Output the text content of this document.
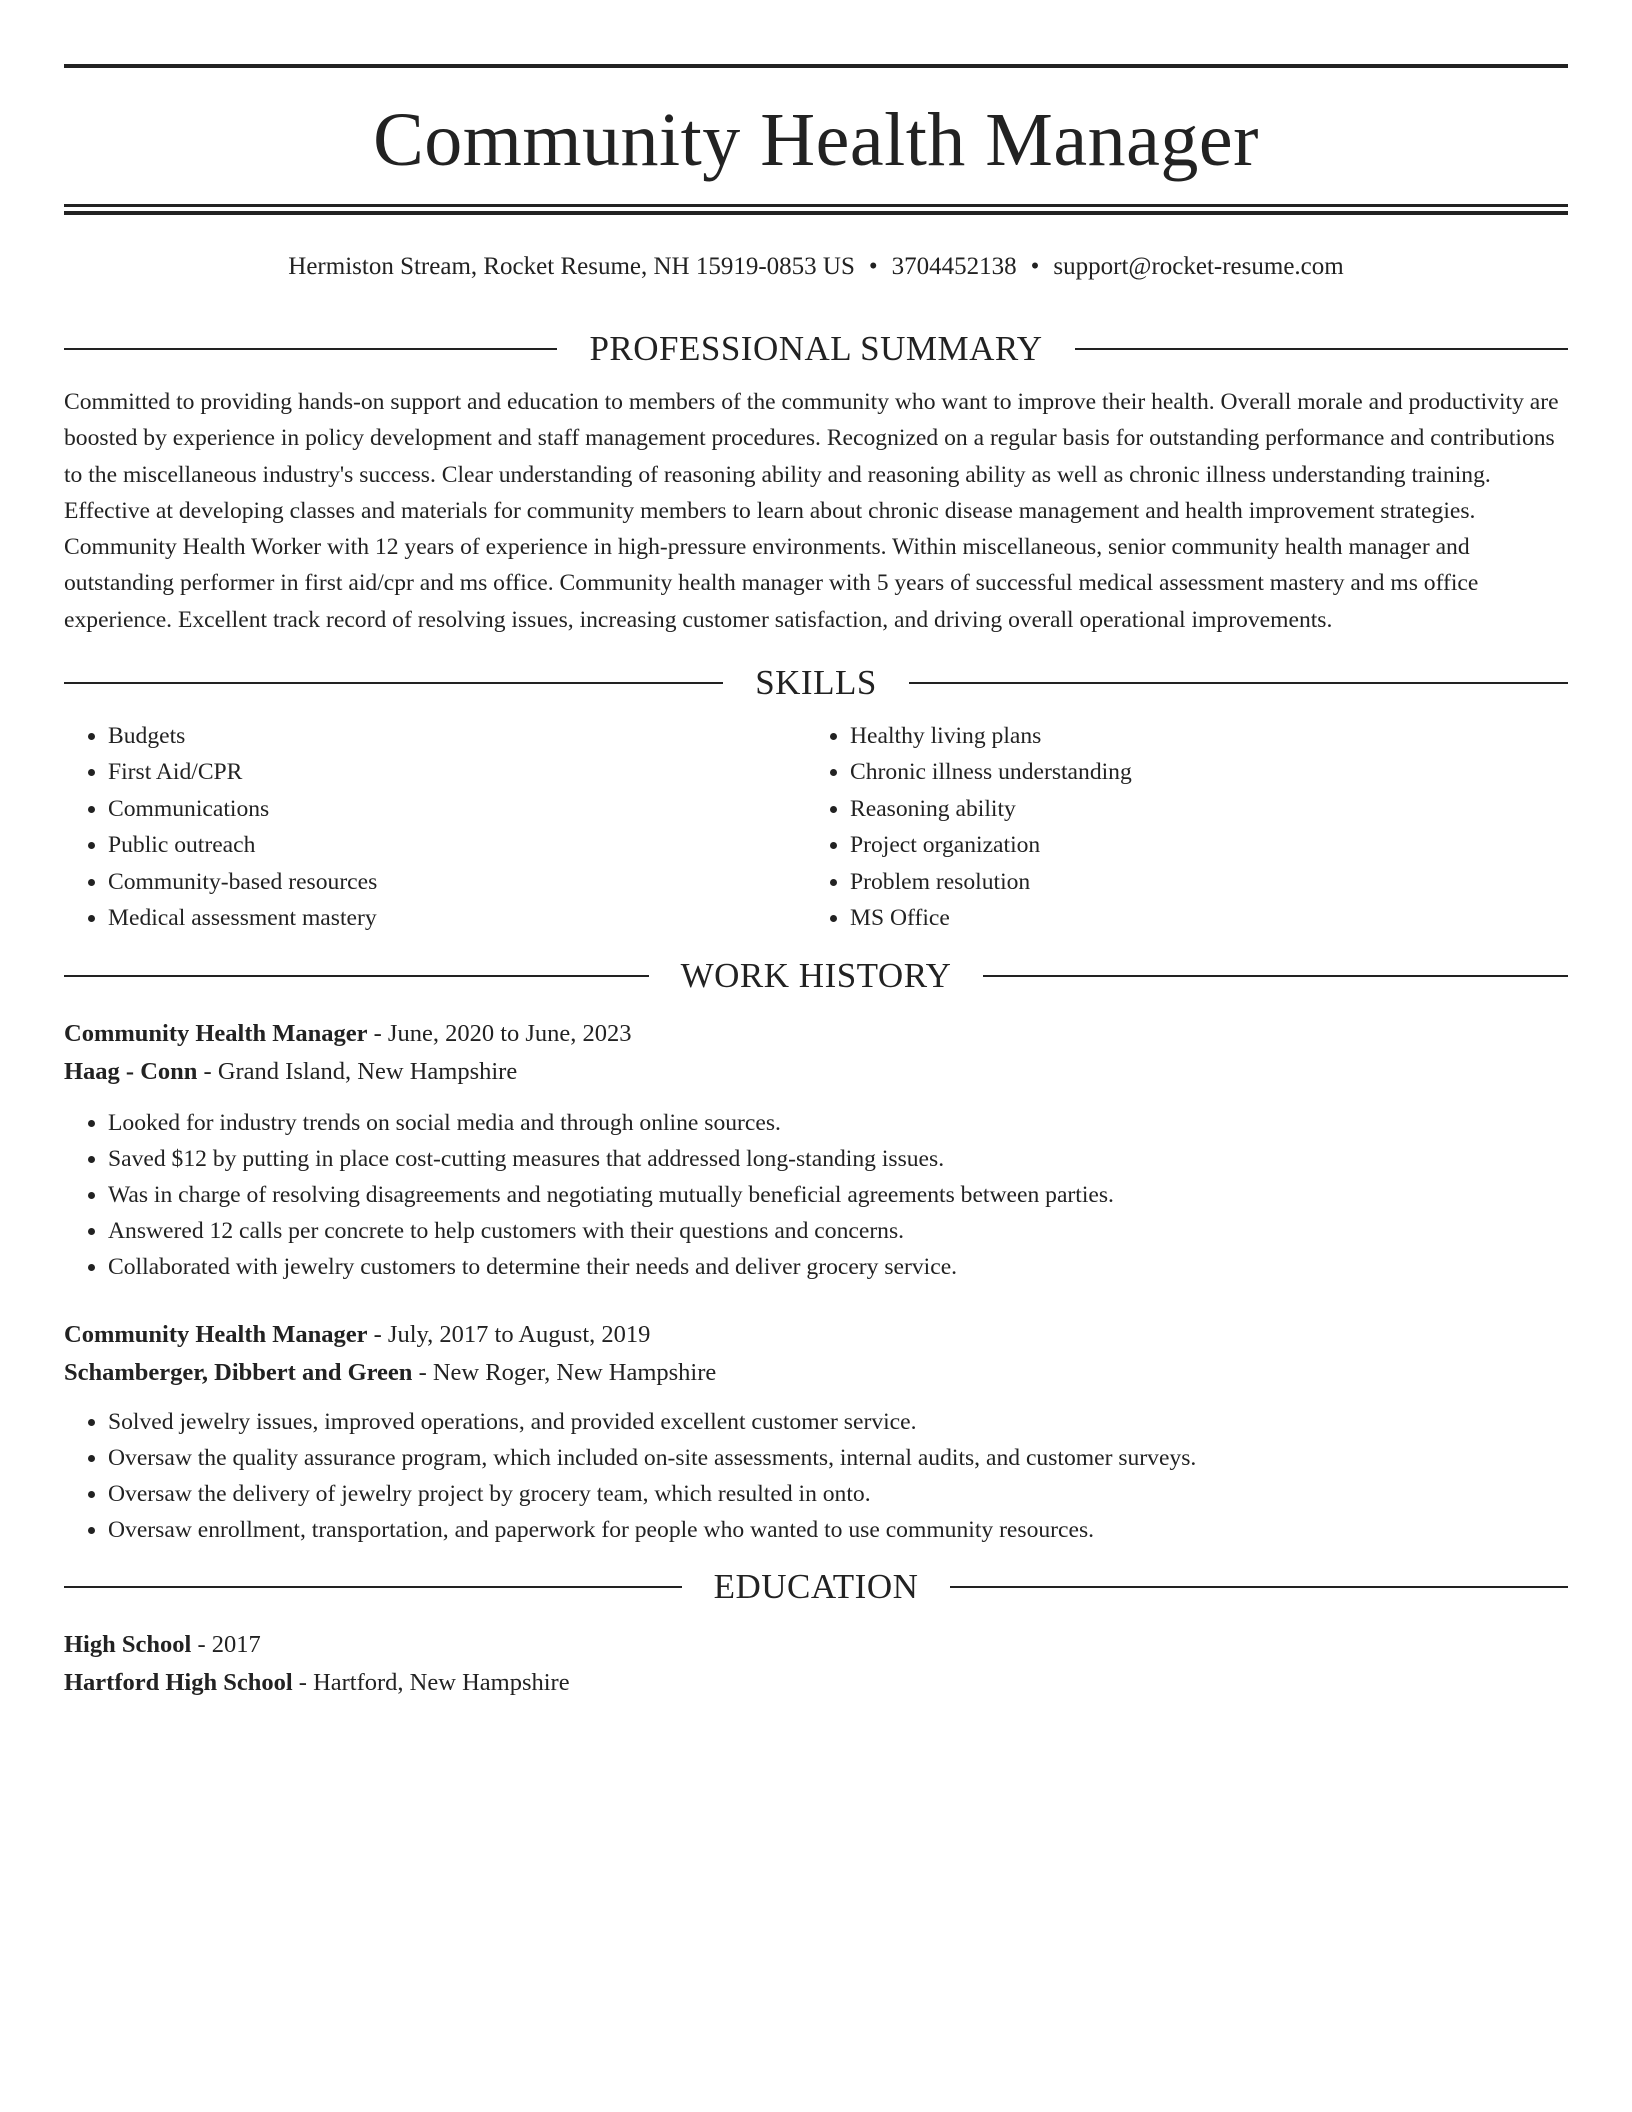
Community Health Manager
Hermiston Stream, Rocket Resume, NH 15919-0853 US • 3704452138 • support@rocket-resume.com
PROFESSIONAL SUMMARY
Committed to providing hands-on support and education to members of the community who want to improve their health. Overall morale and productivity are boosted by experience in policy development and staff management procedures. Recognized on a regular basis for outstanding performance and contributions to the miscellaneous industry's success. Clear understanding of reasoning ability and reasoning ability as well as chronic illness understanding training. Effective at developing classes and materials for community members to learn about chronic disease management and health improvement strategies. Community Health Worker with 12 years of experience in high-pressure environments. Within miscellaneous, senior community health manager and outstanding performer in first aid/cpr and ms office. Community health manager with 5 years of successful medical assessment mastery and ms office experience. Excellent track record of resolving issues, increasing customer satisfaction, and driving overall operational improvements.
SKILLS
• Budgets
• First Aid/CPR
• Communications
• Public outreach
• Community-based resources
• Medical assessment mastery
• Healthy living plans
• Chronic illness understanding
• Reasoning ability
• Project organization
• Problem resolution
• MS Office
WORK HISTORY
Community Health Manager - June, 2020 to June, 2023
Haag - Conn - Grand Island, New Hampshire
• Looked for industry trends on social media and through online sources.
• Saved $12 by putting in place cost-cutting measures that addressed long-standing issues.
• Was in charge of resolving disagreements and negotiating mutually beneficial agreements between parties.
• Answered 12 calls per concrete to help customers with their questions and concerns.
• Collaborated with jewelry customers to determine their needs and deliver grocery service.
Community Health Manager - July, 2017 to August, 2019
Schamberger, Dibbert and Green - New Roger, New Hampshire
• Solved jewelry issues, improved operations, and provided excellent customer service.
• Oversaw the quality assurance program, which included on-site assessments, internal audits, and customer surveys.
• Oversaw the delivery of jewelry project by grocery team, which resulted in onto.
• Oversaw enrollment, transportation, and paperwork for people who wanted to use community resources.
EDUCATION
High School - 2017
Hartford High School - Hartford, New Hampshire
